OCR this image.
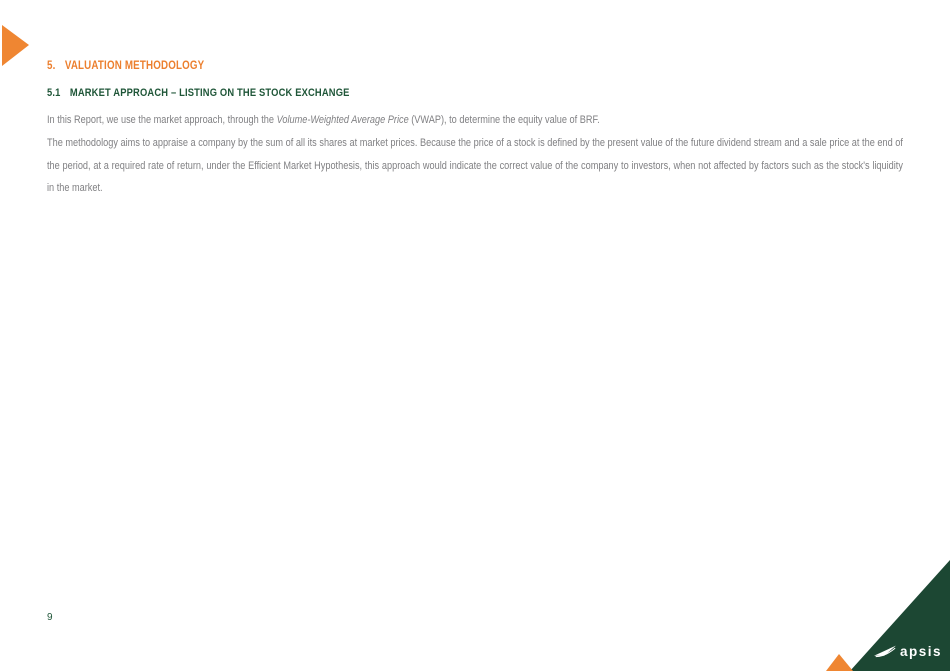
5. VALUATION METHODOLOGY
5.1 MARKET APPROACH – LISTING ON THE STOCK EXCHANGE

In this Report, we use the market approach, through the Volume-Weighted Average Price (VWAP), to determine the equity value of BRF.

The methodology aims to appraise a company by the sum of all its shares at market prices. Because the price of a stock is defined by the present value of the future dividend stream and a sale price at the end of the period, at a required rate of return, under the Efficient Market Hypothesis, this approach would indicate the correct value of the company to investors, when not affected by factors such as the stock's liquidity in the market.

9
apsis
